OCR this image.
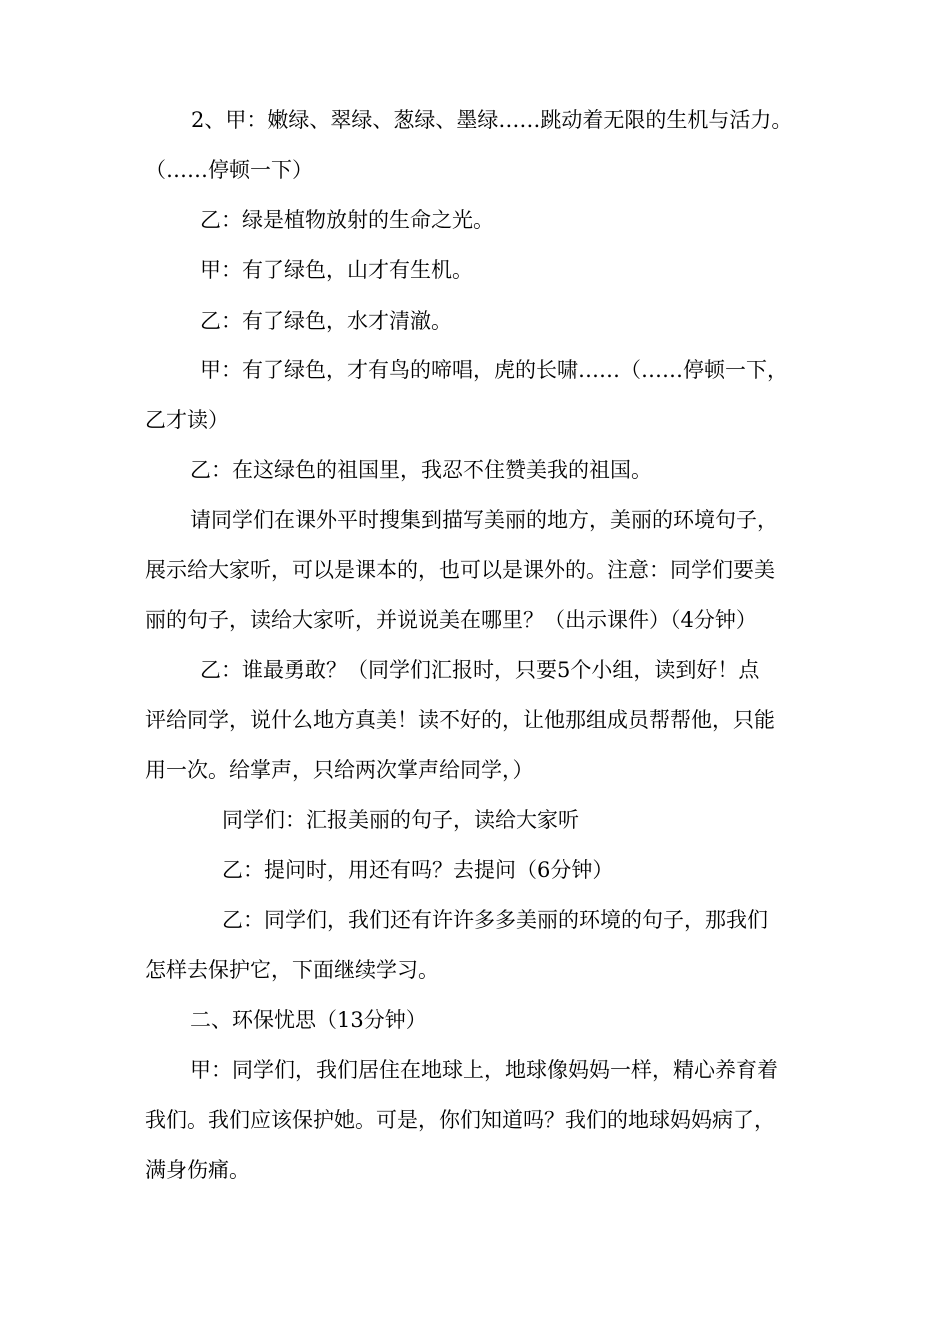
2、甲：嫩绿、翠绿、葱绿、墨绿……跳动着无限的生机与活力。
（……停顿一下）
乙：绿是植物放射的生命之光。
甲：有了绿色，山才有生机。
乙：有了绿色，水才清澈。
甲：有了绿色，才有鸟的啼唱，虎的长啸……（……停顿一下，
乙才读）
乙：在这绿色的祖国里，我忍不住赞美我的祖国。
请同学们在课外平时搜集到描写美丽的地方，美丽的环境句子，
展示给大家听，可以是课本的，也可以是课外的。注意：同学们要美
丽的句子，读给大家听，并说说美在哪里？（出示课件）（4分钟）
乙：谁最勇敢？（同学们汇报时，只要5个小组，读到好！点
评给同学，说什么地方真美！读不好的，让他那组成员帮帮他，只能
用一次。给掌声，只给两次掌声给同学，）
同学们：汇报美丽的句子，读给大家听
乙：提问时，用还有吗？去提问（6分钟）
乙：同学们，我们还有许许多多美丽的环境的句子，那我们
怎样去保护它，下面继续学习。
二、环保忧思（13分钟）
甲：同学们，我们居住在地球上，地球像妈妈一样，精心养育着
我们。我们应该保护她。可是，你们知道吗？我们的地球妈妈病了，
满身伤痛。
